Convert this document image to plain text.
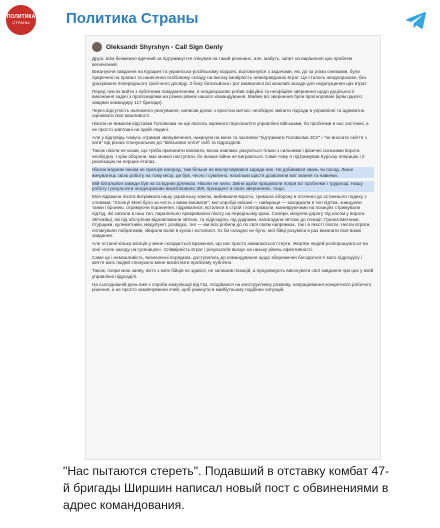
ПОЛИТИКА
СТРАНЫ Политика Страны
Oleksandr Shyrshyn ▫ Call Sign Genly

Друзі, всім безмежно вдячний за підтримку! Не очікував на такий резонанс, але, мабуть, запит на вирішення цих проблем величезний.

Виконуючи завдання на Курщині та українсько-російському кордоні, зіштовхнувся з задачами, які, до за усіма ознаками, були приречені на провал та нанесення особовому складу на високу імовірність невиправданих втрат. Це сталось неодноразово, без урахування попереднього трагічного досвіду. З боку батальйона і рот вживалися всі можливі заходи для недопущення цих втрат.

Перед тим як вийти з публічним повідомленням, я неодноразово робив офіційні та неофіційні звернення щодо доцільності виконання задач з пропозиціями на різних рівнях нашого командування. Майже всі звернення були проігноровані (крім одного: завдяки командиру 117 бригади).

Через відсутність належного реагування, написав допис з простою метою: необхідно змінити підходи в управлінні та адекватно оцінювати свої можливості.

Ніколи не вимагав відставки Головкома чи ще якогось окремого персоналії в управлінні військами, бо проблеми в нас системні, а не просто зав'язані на одній людині.

Але у відповідь чомусь отримав звинувачення, накинули на мене та захлипки "підтримати Головкома ЗСУ" і "не вносити сміття з хати" від різних спонукальних до "військової еліти" осіб та підрозділів.

Також ніколи не казав, що треба припинити воювати, вхоза навпаки: рахуються тільки з сильними і фізично сильними ворота необхідно. І крім оборони, має можно наступати, бо інакше війни не виграються. Саме тому я підтримував Курську операцію і її реалізацію на перших етапах.

Ніколи жодним чином не прагнув нагород, тим більше не вислуговувався заради них. Не добивався звань чи посад. Лише винуватець свою роботу на тому місці, де був, чесно і сумлінно, наскільки щастя дозволили мої знання та навички.

Мій батальйон завжди був на складних ділянках. Ніколи не нили. Зміни щоби працювали попри всі проблеми і труднощі. Нашу роботу і результати неодноразово висвітлювали ЗМІ, президент в своїх зверненнях, тощо.

Моя відважна піхота витримала нашу українську землю, вибиваючи ворота, тримала оборону в оточенні до останнього подиху з словами: "Хлопці! Мені було за честь з вами воювати!"; мої хоробрі екіпажі — найкраще — заходжали в тил під'їзм, знищуючи танки і бронею, отримуючи поранення, підривалися, всталися в строй і повторювали, маневруючими на позиціях стримували під'їзд, які заїхали в наш тил, паралельно прикриваючи піхоту на передньому краю. Сапери, мінуючи дорогу під носом у ворога. Зв'язківці, які під обстрілом відновлювали зв'язок, та підрозділи, під ударами, налагодили зв'язок до позиції. Гранатометники, птурщики, кулеметники, медупункт, розвідка, тил — ми всіх робили до по свої своїм напрямках, так і в якості піхоти. Несли втрати, оплакували побратимів, збирали волю в кулак і мстилися. Хх би складно не було, мої бійці розуміли в раз виконати свої важкі завдання.

Але останні кілька місяців у мене складається враження, що нас просто намагаються стерти. Жертви людей розпорошуються на зоні «поле заходу на гусеницях». Співмірність втрат і результатів вказує на низьку рівень ефективності.

Саме це і неможливість, визначенні порядком, доступатись до командування щодо збереження боєздатності мого підрозділу і життя моїх людей спонукало мене висвітлити проблему публічно.

Також, попри мою заяву, ніхто з моїх бійців не здався, не залишив позицій, а продовжують виконувати свої завдання при цих у моїй управлінні підрозділі.

На сьогоднішній день вже є спроби комунікації від ГШ, сподіваюся на конструктивну розмову, напрацювання конкретного робочого рішення, а не просто замовчування очей, щоб уникнути в майбутньому подібних ситуацій.

"Нас пытаются стереть". Подавший в отставку комбат 47-й бригады Ширшин написал новый пост с обвинениями в адрес командования.
